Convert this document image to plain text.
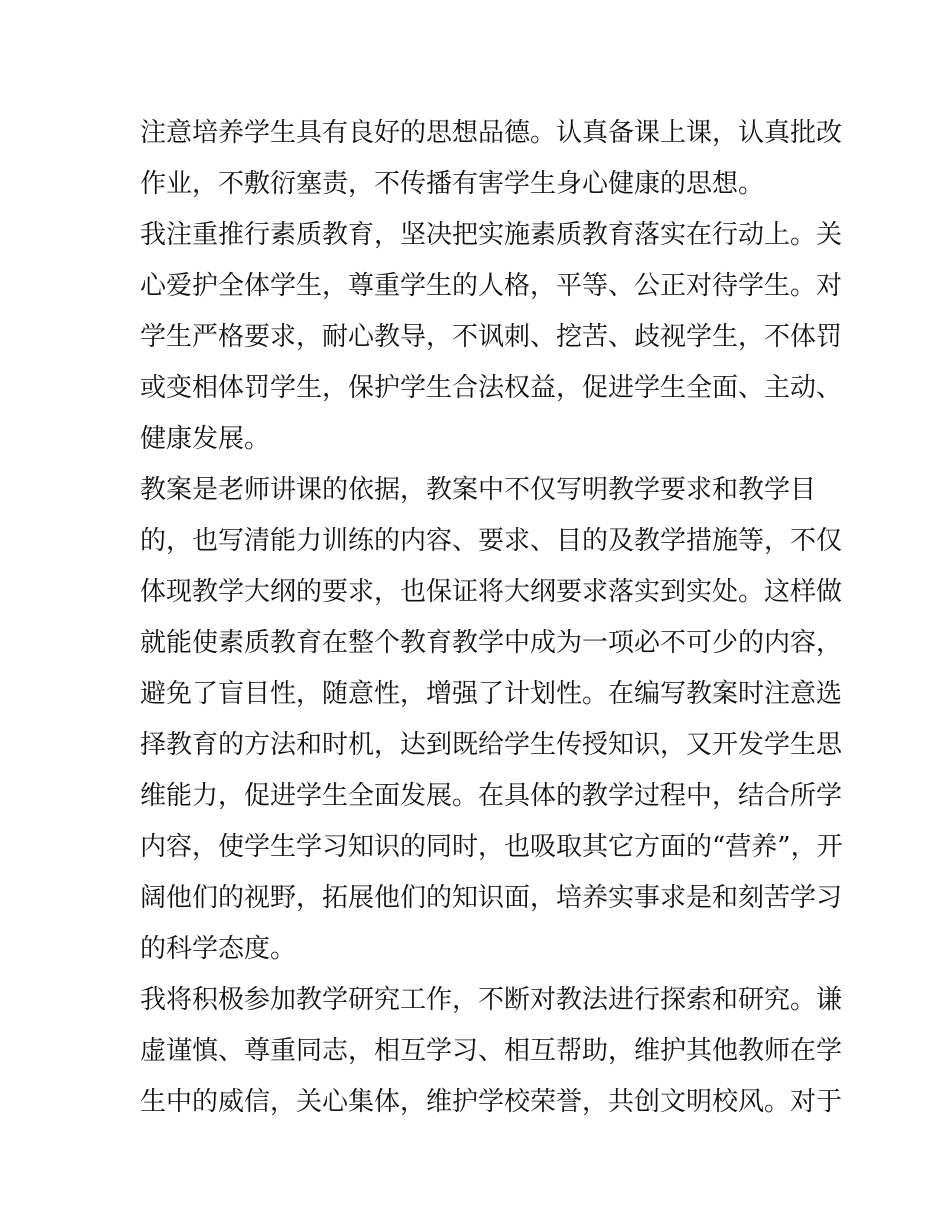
注意培养学生具有良好的思想品德。认真备课上课，认真批改
作业，不敷衍塞责，不传播有害学生身心健康的思想。
我注重推行素质教育，坚决把实施素质教育落实在行动上。关
心爱护全体学生，尊重学生的人格，平等、公正对待学生。对
学生严格要求，耐心教导，不讽刺、挖苦、歧视学生，不体罚
或变相体罚学生，保护学生合法权益，促进学生全面、主动、
健康发展。
教案是老师讲课的依据，教案中不仅写明教学要求和教学目
的，也写清能力训练的内容、要求、目的及教学措施等，不仅
体现教学大纲的要求，也保证将大纲要求落实到实处。这样做
就能使素质教育在整个教育教学中成为一项必不可少的内容，
避免了盲目性，随意性，增强了计划性。在编写教案时注意选
择教育的方法和时机，达到既给学生传授知识，又开发学生思
维能力，促进学生全面发展。在具体的教学过程中，结合所学
内容，使学生学习知识的同时，也吸取其它方面的“营养”，开
阔他们的视野，拓展他们的知识面，培养实事求是和刻苦学习
的科学态度。
我将积极参加教学研究工作，不断对教法进行探索和研究。谦
虚谨慎、尊重同志，相互学习、相互帮助，维护其他教师在学
生中的威信，关心集体，维护学校荣誉，共创文明校风。对于
